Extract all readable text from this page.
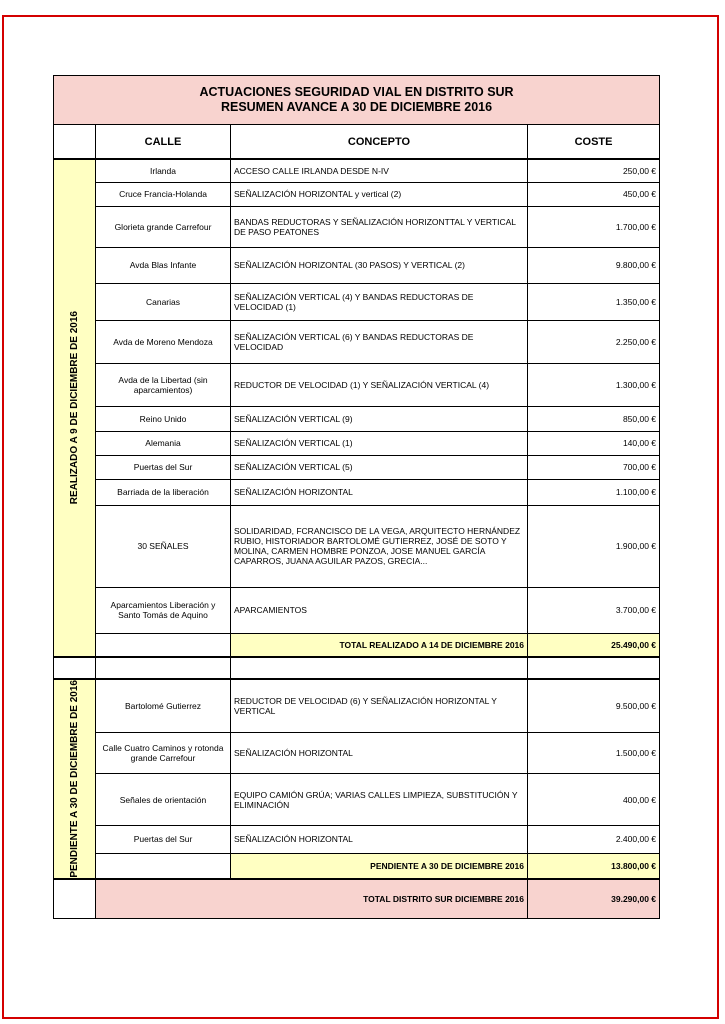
ACTUACIONES SEGURIDAD VIAL EN DISTRITO SUR
RESUMEN AVANCE A 30 DE DICIEMBRE 2016			

	CALLE	CONCEPTO	COSTE

REALIZADO A 9 DE DICIEMBRE DE 2016	Irlanda	ACCESO CALLE IRLANDA DESDE N-IV	250,00 €
	Cruce Francia-Holanda	SEÑALIZACIÓN HORIZONTAL y vertical (2)	450,00 €
	Glorieta grande Carrefour	BANDAS REDUCTORAS Y SEÑALIZACIÓN HORIZONTTAL Y VERTICAL DE PASO PEATONES	1.700,00 €
	Avda Blas Infante	SEÑALIZACIÓN HORIZONTAL (30 PASOS) Y VERTICAL (2)	9.800,00 €
	Canarias	SEÑALIZACIÓN VERTICAL (4) Y BANDAS REDUCTORAS DE VELOCIDAD (1)	1.350,00 €
	Avda de Moreno Mendoza	SEÑALIZACIÓN VERTICAL (6) Y BANDAS REDUCTORAS DE VELOCIDAD	2.250,00 €
	Avda de la Libertad (sin aparcamientos)	REDUCTOR DE VELOCIDAD (1) Y SEÑALIZACIÓN VERTICAL (4)	1.300,00 €
	Reino Unido	SEÑALIZACIÓN VERTICAL (9)	850,00 €
	Alemania	SEÑALIZACIÓN VERTICAL (1)	140,00 €
	Puertas del Sur	SEÑALIZACIÓN VERTICAL (5)	700,00 €
	Barriada de la liberación	SEÑALIZACIÓN HORIZONTAL	1.100,00 €
	30 SEÑALES	SOLIDARIDAD, FCRANCISCO DE LA VEGA, ARQUITECTO HERNÁNDEZ RUBIO, HISTORIADOR BARTOLOMÉ GUTIERREZ, JOSÉ DE SOTO Y MOLINA, CARMEN HOMBRE PONZOA, JOSE MANUEL GARCÍA CAPARROS, JUANA AGUILAR PAZOS, GRECIA...	1.900,00 €
	Aparcamientos Liberación y Santo Tomás de Aquino	APARCAMIENTOS	3.700,00 €
		TOTAL REALIZADO A 14 DE DICIEMBRE 2016	25.490,00 €

PENDIENTE A 30 DE DICIEMBRE DE 2016	Bartolomé Gutierrez	REDUCTOR DE VELOCIDAD (6) Y SEÑALIZACIÓN HORIZONTAL Y VERTICAL	9.500,00 €
	Calle Cuatro Caminos y rotonda grande Carrefour	SEÑALIZACIÓN HORIZONTAL	1.500,00 €
	Señales de orientación	EQUIPO CAMIÓN GRÚA; VARIAS CALLES LIMPIEZA, SUBSTITUCIÓN Y ELIMINACIÓN	400,00 €
	Puertas del Sur	SEÑALIZACIÓN HORIZONTAL	2.400,00 €
		PENDIENTE A 30 DE DICIEMBRE 2016	13.800,00 €
	TOTAL DISTRITO SUR DICIEMBRE 2016		39.290,00 €
